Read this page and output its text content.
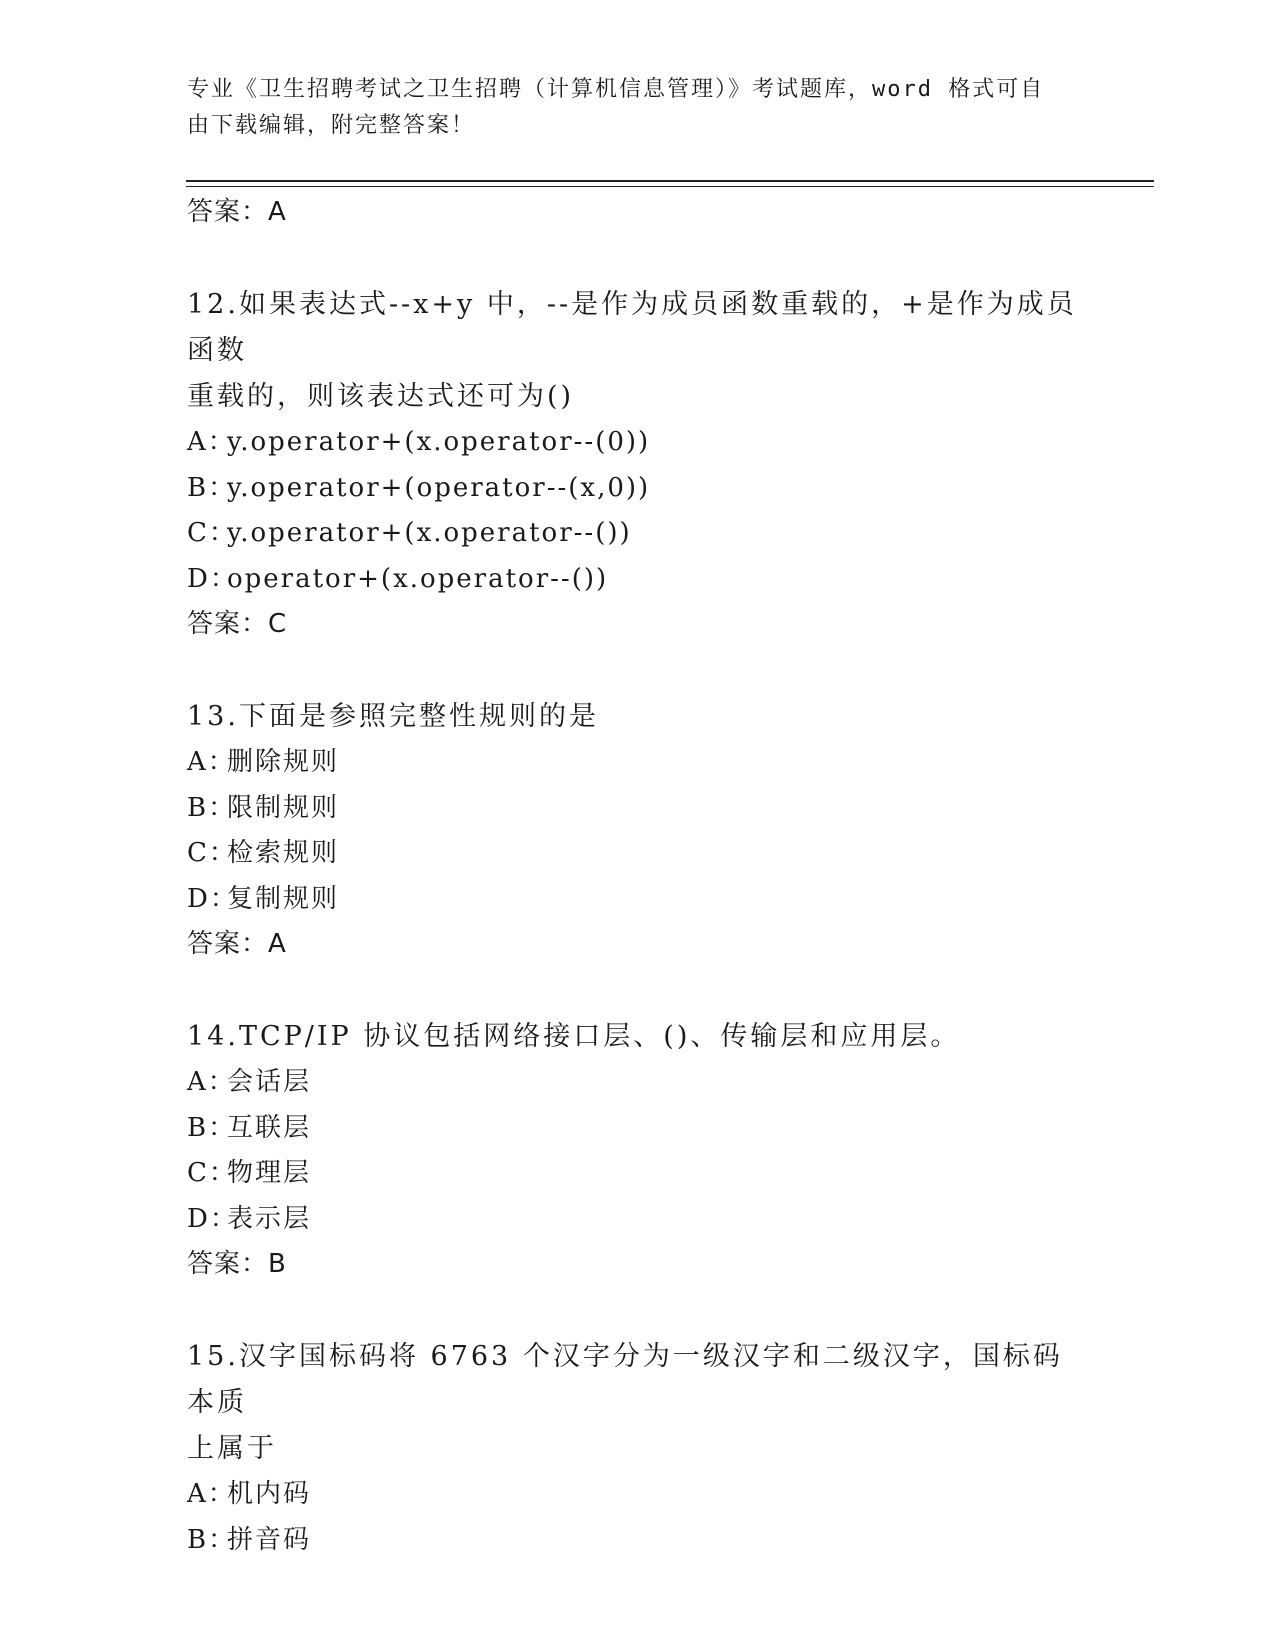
专业《卫生招聘考试之卫生招聘（计算机信息管理）》考试题库，word 格式可自
由下载编辑，附完整答案！
答案：A
12.如果表达式--x+y 中，--是作为成员函数重载的，+是作为成员函数
重载的，则该表达式还可为()
A：y.operator+(x.operator--(0))
B：y.operator+(operator--(x,0))
C：y.operator+(x.operator--())
D：operator+(x.operator--())
答案：C
13.下面是参照完整性规则的是
A：删除规则
B：限制规则
C：检索规则
D：复制规则
答案：A
14.TCP/IP 协议包括网络接口层、()、传输层和应用层。
A：会话层
B：互联层
C：物理层
D：表示层
答案：B
15.汉字国标码将 6763 个汉字分为一级汉字和二级汉字，国标码本质
上属于
A：机内码
B：拼音码
